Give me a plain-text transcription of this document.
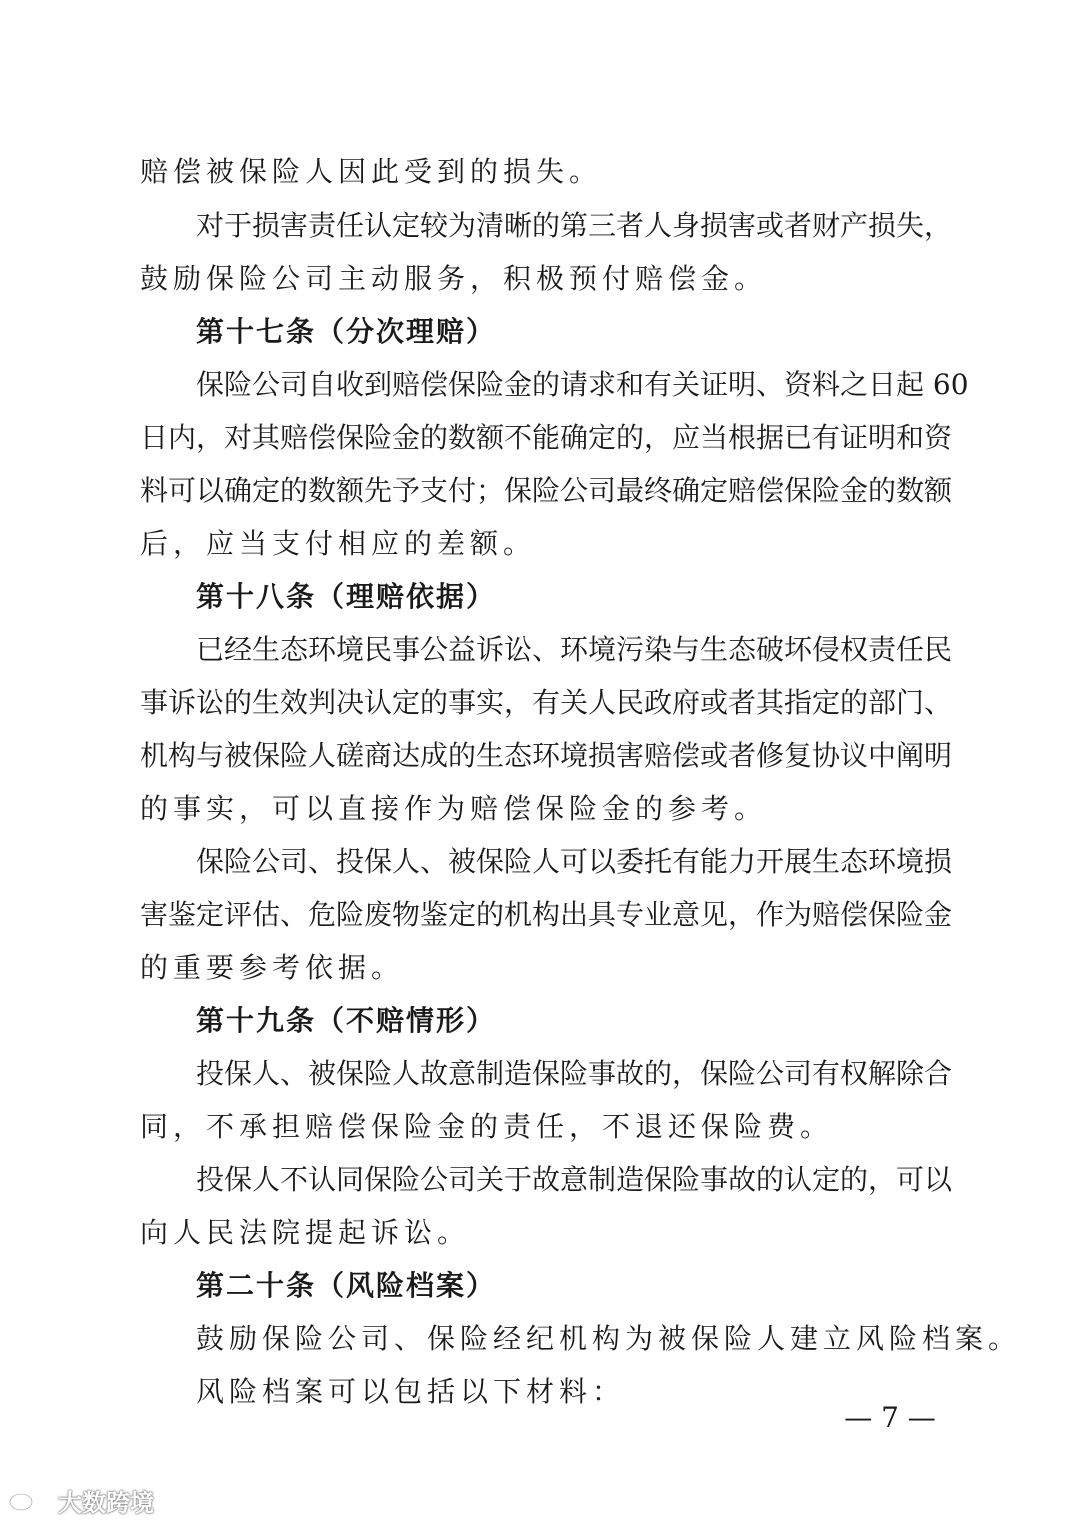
赔偿被保险人因此受到的损失。
对于损害责任认定较为清晰的第三者人身损害或者财产损失，
鼓励保险公司主动服务，积极预付赔偿金。
第十七条（分次理赔）
保险公司自收到赔偿保险金的请求和有关证明、资料之日起 60
日内，对其赔偿保险金的数额不能确定的，应当根据已有证明和资
料可以确定的数额先予支付；保险公司最终确定赔偿保险金的数额
后，应当支付相应的差额。
第十八条（理赔依据）
已经生态环境民事公益诉讼、环境污染与生态破坏侵权责任民
事诉讼的生效判决认定的事实，有关人民政府或者其指定的部门、
机构与被保险人磋商达成的生态环境损害赔偿或者修复协议中阐明
的事实，可以直接作为赔偿保险金的参考。
保险公司、投保人、被保险人可以委托有能力开展生态环境损
害鉴定评估、危险废物鉴定的机构出具专业意见，作为赔偿保险金
的重要参考依据。
第十九条（不赔情形）
投保人、被保险人故意制造保险事故的，保险公司有权解除合
同，不承担赔偿保险金的责任，不退还保险费。
投保人不认同保险公司关于故意制造保险事故的认定的，可以
向人民法院提起诉讼。
第二十条（风险档案）
鼓励保险公司、保险经纪机构为被保险人建立风险档案。
风险档案可以包括以下材料：
— 7 —
大数跨境
